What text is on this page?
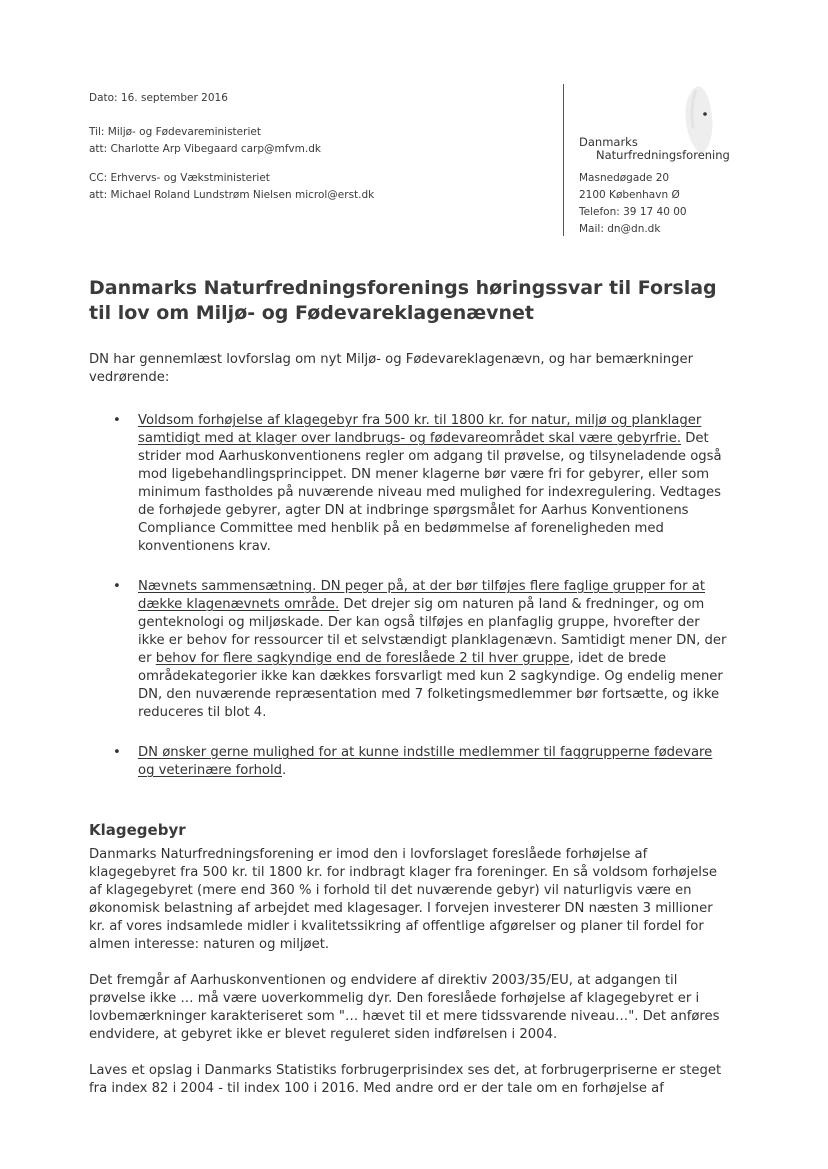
Dato: 16. september 2016
Til: Miljø- og Fødevareministeriet
att: Charlotte Arp Vibegaard carp@mfvm.dk
CC: Erhvervs- og Vækstministeriet
att: Michael Roland Lundstrøm Nielsen microl@erst.dk
Danmarks
Naturfredningsforening
Masnedøgade 20
2100 København Ø
Telefon: 39 17 40 00
Mail: dn@dn.dk
Danmarks Naturfredningsforenings høringssvar til Forslag til lov om Miljø- og Fødevareklagenævnet

DN har gennemlæst lovforslag om nyt Miljø- og Fødevareklagenævn, og har bemærkninger vedrørende:

• Voldsom forhøjelse af klagegebyr fra 500 kr. til 1800 kr. for natur, miljø og planklager samtidigt med at klager over landbrugs- og fødevareområdet skal være gebyrfrie. Det strider mod Aarhuskonventionens regler om adgang til prøvelse, og tilsyneladende også mod ligebehandlingsprincippet. DN mener klagerne bør være fri for gebyrer, eller som minimum fastholdes på nuværende niveau med mulighed for indexregulering. Vedtages de forhøjede gebyrer, agter DN at indbringe spørgsmålet for Aarhus Konventionens Compliance Committee med henblik på en bedømmelse af foreneligheden med konventionens krav.
• Nævnets sammensætning. DN peger på, at der bør tilføjes flere faglige grupper for at dække klagenævnets område. Det drejer sig om naturen på land & fredninger, og om genteknologi og miljøskade. Der kan også tilføjes en planfaglig gruppe, hvorefter der ikke er behov for ressourcer til et selvstændigt planklagenævn. Samtidigt mener DN, der er behov for flere sagkyndige end de foreslåede 2 til hver gruppe, idet de brede områdekategorier ikke kan dækkes forsvarligt med kun 2 sagkyndige. Og endelig mener DN, den nuværende repræsentation med 7 folketingsmedlemmer bør fortsætte, og ikke reduceres til blot 4.
• DN ønsker gerne mulighed for at kunne indstille medlemmer til faggrupperne fødevare og veterinære forhold.
Klagegebyr

Danmarks Naturfredningsforening er imod den i lovforslaget foreslåede forhøjelse af klagegebyret fra 500 kr. til 1800 kr. for indbragt klager fra foreninger. En så voldsom forhøjelse af klagegebyret (mere end 360 % i forhold til det nuværende gebyr) vil naturligvis være en økonomisk belastning af arbejdet med klagesager. I forvejen investerer DN næsten 3 millioner kr. af vores indsamlede midler i kvalitetssikring af offentlige afgørelser og planer til fordel for almen interesse: naturen og miljøet.

Det fremgår af Aarhuskonventionen og endvidere af direktiv 2003/35/EU, at adgangen til prøvelse ikke … må være uoverkommelig dyr. Den foreslåede forhøjelse af klagegebyret er i lovbemærkninger karakteriseret som "… hævet til et mere tidssvarende niveau…". Det anføres endvidere, at gebyret ikke er blevet reguleret siden indførelsen i 2004.

Laves et opslag i Danmarks Statistiks forbrugerprisindex ses det, at forbrugerpriserne er steget fra index 82 i 2004 - til index 100 i 2016. Med andre ord er der tale om en forhøjelse af
